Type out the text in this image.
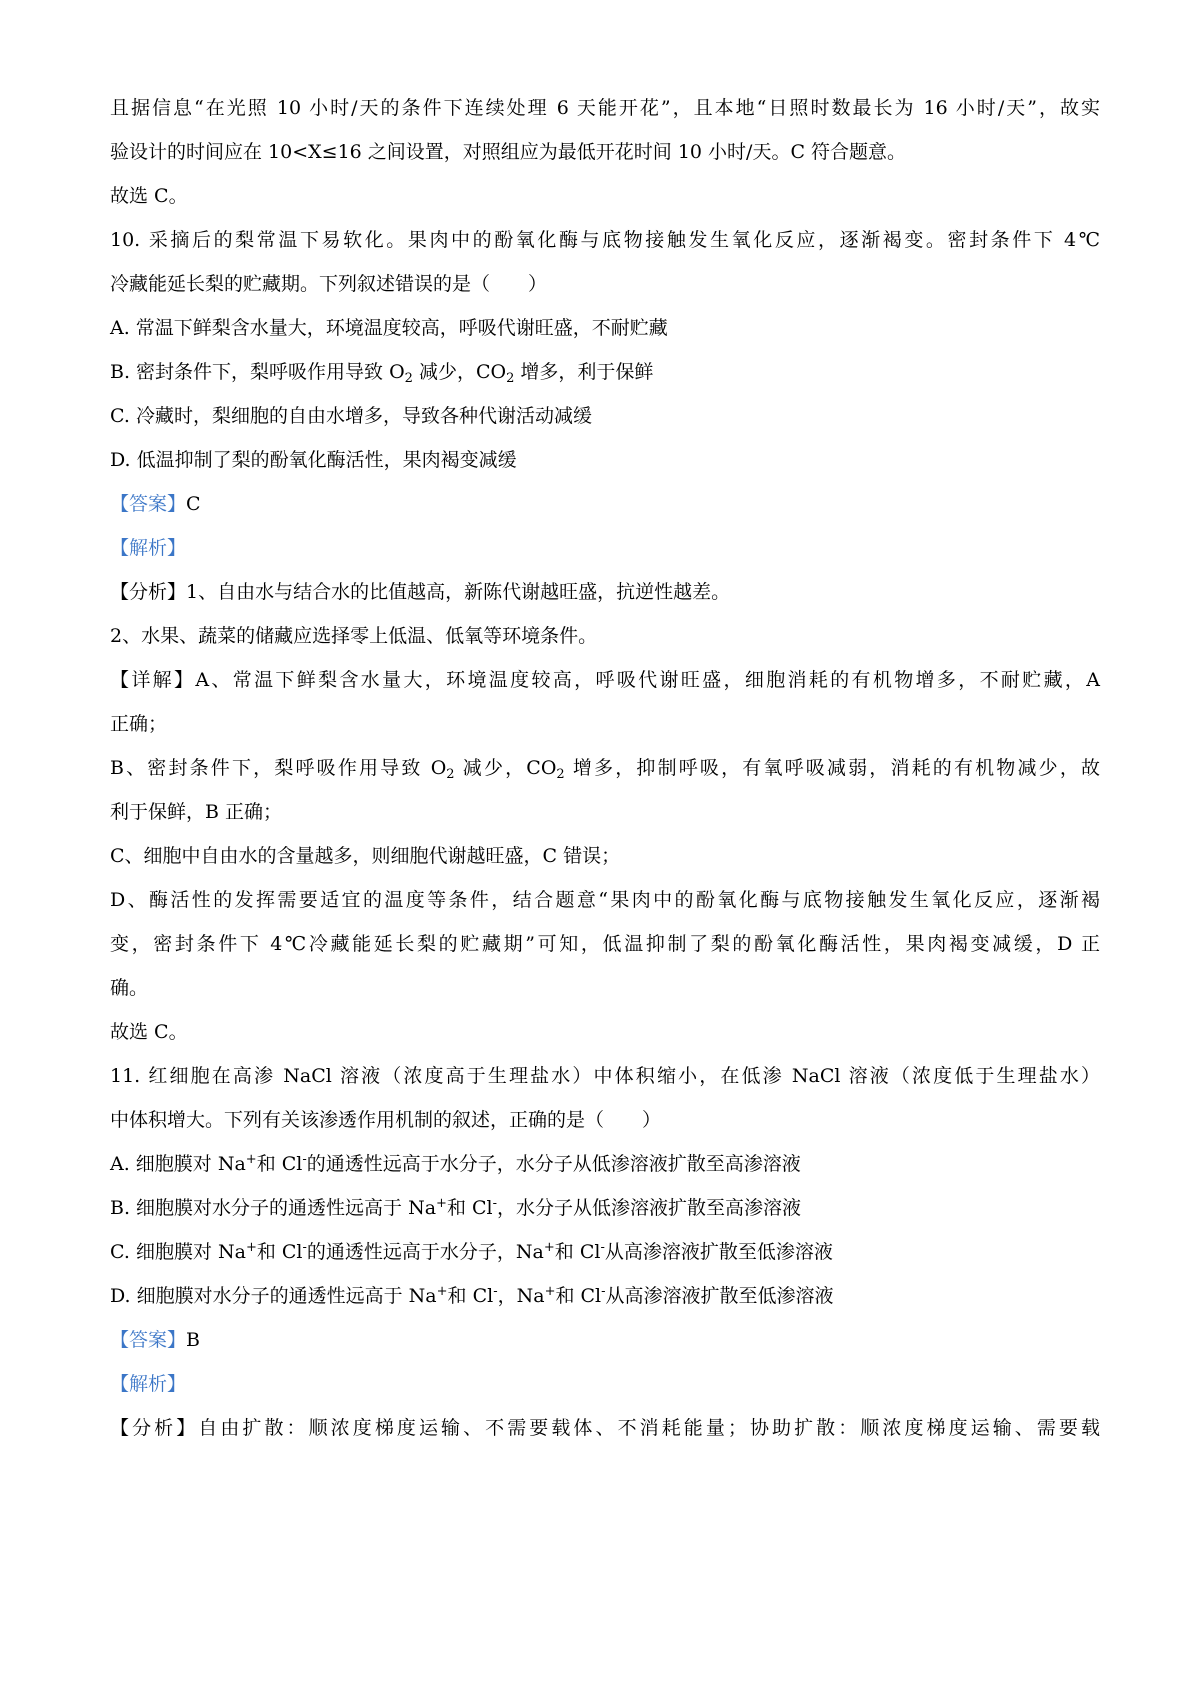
且据信息“在光照 10 小时/天的条件下连续处理 6 天能开花”，且本地“日照时数最长为 16 小时/天”，故实
验设计的时间应在 10<X≤16 之间设置，对照组应为最低开花时间 10 小时/天。C 符合题意。
故选 C。
10. 采摘后的梨常温下易软化。果肉中的酚氧化酶与底物接触发生氧化反应，逐渐褐变。密封条件下 4℃
冷藏能延长梨的贮藏期。下列叙述错误的是（　　）
A. 常温下鲜梨含水量大，环境温度较高，呼吸代谢旺盛，不耐贮藏
B. 密封条件下，梨呼吸作用导致 $O_2$ 减少，$CO_2$ 增多，利于保鲜
C. 冷藏时，梨细胞的自由水增多，导致各种代谢活动减缓
D. 低温抑制了梨的酚氧化酶活性，果肉褐变减缓
【答案】C
【解析】
【分析】1、自由水与结合水的比值越高，新陈代谢越旺盛，抗逆性越差。
2、水果、蔬菜的储藏应选择零上低温、低氧等环境条件。
【详解】A、常温下鲜梨含水量大，环境温度较高，呼吸代谢旺盛，细胞消耗的有机物增多，不耐贮藏，A
正确；
B、密封条件下，梨呼吸作用导致 $O_2$ 减少，$CO_2$ 增多，抑制呼吸，有氧呼吸减弱，消耗的有机物减少，故
利于保鲜，B 正确；
C、细胞中自由水的含量越多，则细胞代谢越旺盛，C 错误；
D、酶活性的发挥需要适宜的温度等条件，结合题意“果肉中的酚氧化酶与底物接触发生氧化反应，逐渐褐
变，密封条件下 4℃冷藏能延长梨的贮藏期”可知，低温抑制了梨的酚氧化酶活性，果肉褐变减缓，D 正
确。
故选 C。
11. 红细胞在高渗 NaCl 溶液（浓度高于生理盐水）中体积缩小，在低渗 NaCl 溶液（浓度低于生理盐水）
中体积增大。下列有关该渗透作用机制的叙述，正确的是（　　）
A. 细胞膜对 Na+和 Cl-的通透性远高于水分子，水分子从低渗溶液扩散至高渗溶液
B. 细胞膜对水分子的通透性远高于 Na+和 Cl-，水分子从低渗溶液扩散至高渗溶液
C. 细胞膜对 Na+和 Cl-的通透性远高于水分子，Na+和 Cl-从高渗溶液扩散至低渗溶液
D. 细胞膜对水分子的通透性远高于 Na+和 Cl-，Na+和 Cl-从高渗溶液扩散至低渗溶液
【答案】B
【解析】
【分析】自由扩散：顺浓度梯度运输、不需要载体、不消耗能量；协助扩散：顺浓度梯度运输、需要载
